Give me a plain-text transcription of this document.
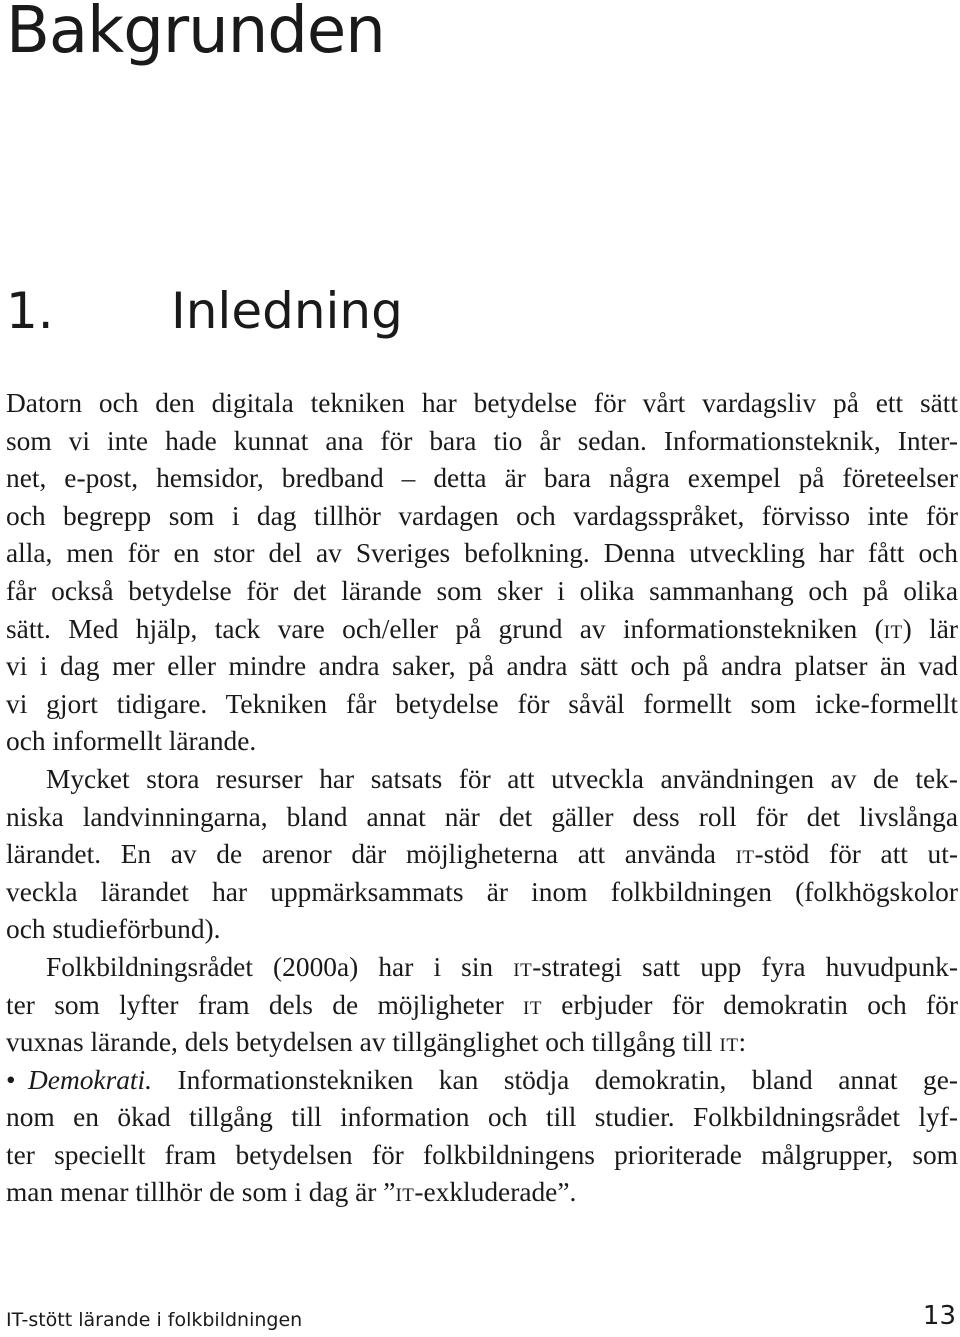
Bakgrunden
1. Inledning
Datorn och den digitala tekniken har betydelse för vårt vardagsliv på ett sätt
som vi inte hade kunnat ana för bara tio år sedan. Informationsteknik, Inter-
net, e-post, hemsidor, bredband – detta är bara några exempel på företeelser
och begrepp som i dag tillhör vardagen och vardagsspråket, förvisso inte för
alla, men för en stor del av Sveriges befolkning. Denna utveckling har fått och
får också betydelse för det lärande som sker i olika sammanhang och på olika
sätt. Med hjälp, tack vare och/eller på grund av informationstekniken (it) lär
vi i dag mer eller mindre andra saker, på andra sätt och på andra platser än vad
vi gjort tidigare. Tekniken får betydelse för såväl formellt som icke-formellt
och informellt lärande.
Mycket stora resurser har satsats för att utveckla användningen av de tek-
niska landvinningarna, bland annat när det gäller dess roll för det livslånga
lärandet. En av de arenor där möjligheterna att använda it-stöd för att ut-
veckla lärandet har uppmärksammats är inom folkbildningen (folkhögskolor
och studieförbund).
Folkbildningsrådet (2000a) har i sin it-strategi satt upp fyra huvudpunk-
ter som lyfter fram dels de möjligheter it erbjuder för demokratin och för
vuxnas lärande, dels betydelsen av tillgänglighet och tillgång till it:
• Demokrati. Informationstekniken kan stödja demokratin, bland annat ge-
nom en ökad tillgång till information och till studier. Folkbildningsrådet lyf-
ter speciellt fram betydelsen för folkbildningens prioriterade målgrupper, som
man menar tillhör de som i dag är ”it-exkluderade”.
IT-stött lärande i folkbildningen	13
